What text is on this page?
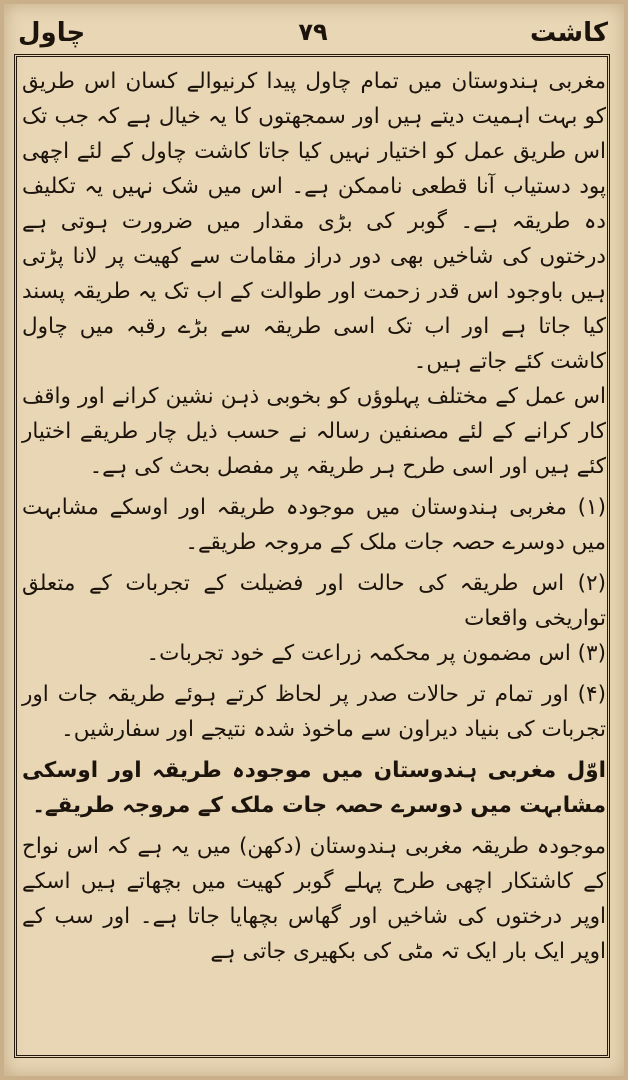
کاشت
۷۹
چاول

مغربی ہندوستان میں تمام چاول پیدا کرنیوالے کسان اس طریق کو بہت اہمیت دیتے ہیں اور سمجھتوں کا یہ خیال ہے کہ جب تک اس طریق عمل کو اختیار نہیں کیا جاتا کاشت چاول کے لئے اچھی پود دستیاب آنا قطعی ناممکن ہے۔ اس میں شک نہیں یہ تکلیف دہ طریقہ ہے۔ گوبر کی بڑی مقدار میں ضرورت ہوتی ہے درختوں کی شاخیں بھی دور دراز مقامات سے کھیت پر لانا پڑتی ہیں باوجود اس قدر زحمت اور طوالت کے اب تک یہ طریقہ پسند کیا جاتا ہے اور اب تک اسی طریقہ سے بڑے رقبہ میں چاول کاشت کئے جاتے ہیں۔

اس عمل کے مختلف پہلوؤں کو بخوبی ذہن نشین کرانے اور واقف کار کرانے کے لئے مصنفین رسالہ نے حسب ذیل چار طریقے اختیار کئے ہیں اور اسی طرح ہر طریقہ پر مفصل بحث کی ہے۔

(۱) مغربی ہندوستان میں موجودہ طریقہ اور اوسکے مشابہت میں دوسرے حصہ جات ملک کے مروجہ طریقے۔

(۲) اس طریقہ کی حالت اور فضیلت کے تجربات کے متعلق تواریخی واقعات

(۳) اس مضمون پر محکمہ زراعت کے خود تجربات۔

(۴) اور تمام تر حالات صدر پر لحاظ کرتے ہوئے طریقہ جات اور تجربات کی بنیاد دیراون سے ماخوذ شدہ نتیجے اور سفارشیں۔

اوّل مغربی ہندوستان میں موجودہ طریقہ اور اوسکی مشابہت میں دوسرے حصہ جات ملک کے مروجہ طریقے۔

موجودہ طریقہ مغربی ہندوستان (دکھن) میں یہ ہے کہ اس نواح کے کاشتکار اچھی طرح پہلے گوبر کھیت میں بچھاتے ہیں اسکے اوپر درختوں کی شاخیں اور گھاس بچھایا جاتا ہے۔ اور سب کے اوپر ایک بار ایک تہ مٹی کی بکھیری جاتی ہے
